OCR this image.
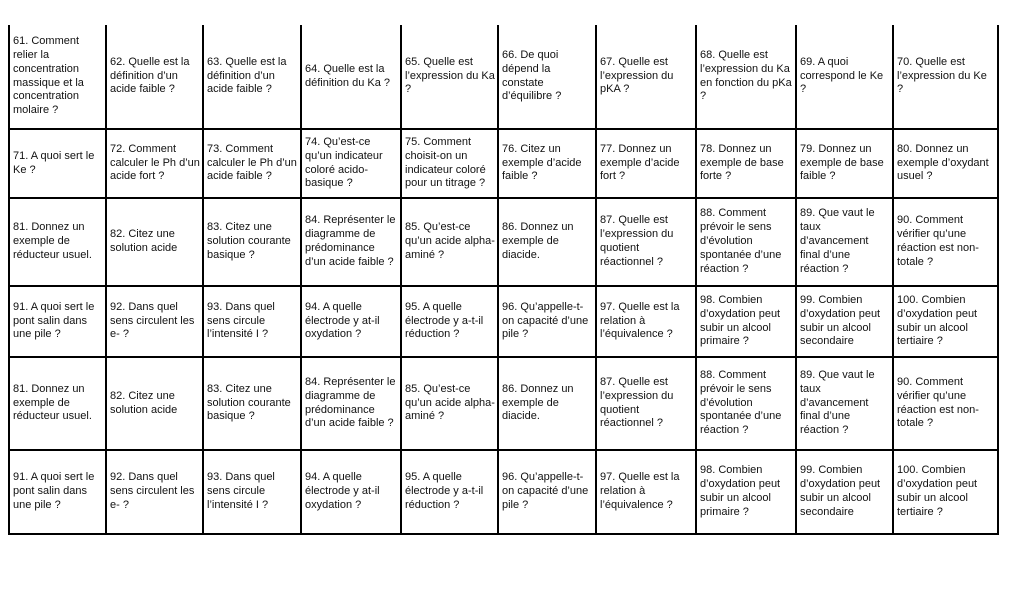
61. Comment relier la concentration massique et la concentration molaire ?	62. Quelle est la définition d’un acide faible ?	63. Quelle est la définition d’un acide faible ?	64. Quelle est la définition du Ka ?	65. Quelle est l’expression du Ka ?	66. De quoi dépend la constate d’équilibre ?	67. Quelle est l’expression du pKA ?	68. Quelle est l’expression du Ka en fonction du pKa ?	69. A quoi correspond le Ke ?	70. Quelle est l’expression du Ke ?
71. A quoi sert le Ke ?	72. Comment calculer le Ph d’un acide fort ?	73. Comment calculer le Ph d’un acide faible ?	74. Qu’est-ce qu’un indicateur coloré acido-basique ?	75. Comment choisit-on un indicateur coloré pour un titrage ?	76. Citez un exemple d’acide faible ?	77. Donnez un exemple d’acide fort ?	78. Donnez un exemple de base forte ?	79. Donnez un exemple de base faible ?	80. Donnez un exemple d’oxydant usuel ?
81. Donnez un exemple de réducteur usuel.	82. Citez une solution acide	83. Citez une solution courante basique ?	84. Représenter le diagramme de prédominance d’un acide faible ?	85. Qu’est-ce qu’un acide alpha-aminé ?	86. Donnez un exemple de diacide.	87. Quelle est l’expression du quotient réactionnel ?	88. Comment prévoir le sens d’évolution spontanée d’une réaction ?	89. Que vaut le taux d’avancement final d’une réaction ?	90. Comment vérifier qu’une réaction est non-totale ?
91. A quoi sert le pont salin dans une pile ?	92. Dans quel sens circulent les e- ?	93. Dans quel sens circule l’intensité I ?	94. A quelle électrode y at-il oxydation ?	95. A quelle électrode y a-t-il réduction ?	96. Qu’appelle-t-on capacité d’une pile ?	97. Quelle est la relation à l’équivalence ?	98. Combien d’oxydation peut subir un alcool primaire ?	99. Combien d’oxydation peut subir un alcool secondaire	100. Combien d’oxydation peut subir un alcool tertiaire ?
81. Donnez un exemple de réducteur usuel.	82. Citez une solution acide	83. Citez une solution courante basique ?	84. Représenter le diagramme de prédominance d’un acide faible ?	85. Qu’est-ce qu’un acide alpha-aminé ?	86. Donnez un exemple de diacide.	87. Quelle est l’expression du quotient réactionnel ?	88. Comment prévoir le sens d’évolution spontanée d’une réaction ?	89. Que vaut le taux d’avancement final d’une réaction ?	90. Comment vérifier qu’une réaction est non-totale ?
91. A quoi sert le pont salin dans une pile ?	92. Dans quel sens circulent les e- ?	93. Dans quel sens circule l’intensité I ?	94. A quelle électrode y at-il oxydation ?	95. A quelle électrode y a-t-il réduction ?	96. Qu’appelle-t-on capacité d’une pile ?	97. Quelle est la relation à l’équivalence ?	98. Combien d’oxydation peut subir un alcool primaire ?	99. Combien d’oxydation peut subir un alcool secondaire	100. Combien d’oxydation peut subir un alcool tertiaire ?
